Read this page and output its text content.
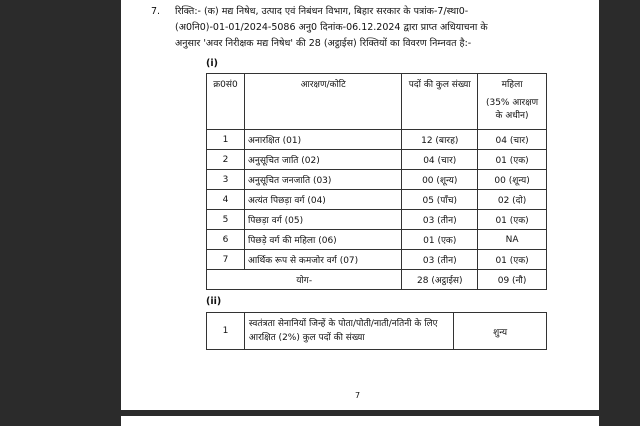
7. रिक्ति:- (क) मद्य निषेध, उत्पाद एवं निबंधन विभाग, बिहार सरकार के पत्रांक-7/स्था0-
(अ0नि0)-01-01/2024-5086 अनु0 दिनांक-06.12.2024 द्वारा प्राप्त अधियाचना के
अनुसार 'अवर निरीक्षक मद्य निषेध' की 28 (अट्ठाईस) रिक्तियों का विवरण निम्नवत है:-
(i)
क्र0सं0	आरक्षण/कोटि	पदों की कुल संख्या	महिला

(35% आरक्षण के अधीन)

1	अनारक्षित (01)	12 (बारह)	04 (चार)
2	अनुसूचित जाति (02)	04 (चार)	01 (एक)
3	अनुसूचित जनजाति (03)	00 (शून्य)	00 (शून्य)
4	अत्यंत पिछड़ा वर्ग (04)	05 (पाँच)	02 (दो)
5	पिछड़ा वर्ग (05)	03 (तीन)	01 (एक)
6	पिछड़े वर्ग की महिला (06)	01 (एक)	NA
7	आर्थिक रूप से कमजोर वर्ग (07)	03 (तीन)	01 (एक)
योग-		28 (अट्ठाईस)	09 (नौ)
(ii)
1	स्वतंत्रता सेनानियों जिन्हें के पोता/पोती/नाती/नतिनी के लिए आरक्षित (2%) कुल पदों की संख्या	शुन्य
7
